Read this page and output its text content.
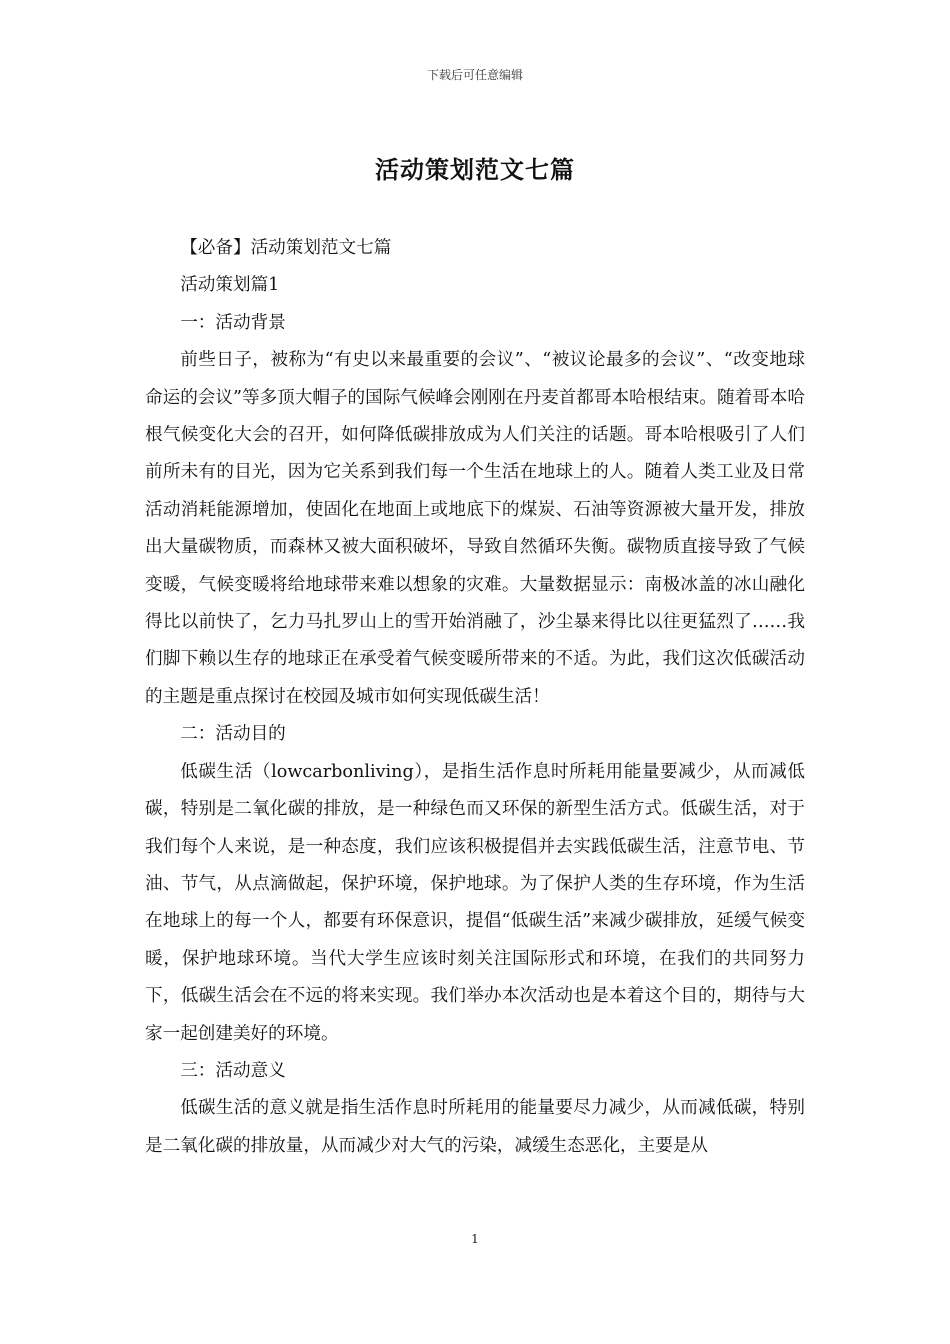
下载后可任意编辑
活动策划范文七篇

【必备】活动策划范文七篇

活动策划篇1

一：活动背景

前些日子，被称为“有史以来最重要的会议”、“被议论最多的会议”、“改变地球命运的会议”等多顶大帽子的国际气候峰会刚刚在丹麦首都哥本哈根结束。随着哥本哈根气候变化大会的召开，如何降低碳排放成为人们关注的话题。哥本哈根吸引了人们前所未有的目光，因为它关系到我们每一个生活在地球上的人。随着人类工业及日常活动消耗能源增加，使固化在地面上或地底下的煤炭、石油等资源被大量开发，排放出大量碳物质，而森林又被大面积破坏，导致自然循环失衡。碳物质直接导致了气候变暖，气候变暖将给地球带来难以想象的灾难。大量数据显示：南极冰盖的冰山融化得比以前快了，乞力马扎罗山上的雪开始消融了，沙尘暴来得比以往更猛烈了……我们脚下赖以生存的地球正在承受着气候变暖所带来的不适。为此，我们这次低碳活动的主题是重点探讨在校园及城市如何实现低碳生活！

二：活动目的

低碳生活（lowcarbonliving），是指生活作息时所耗用能量要减少，从而减低碳，特别是二氧化碳的排放，是一种绿色而又环保的新型生活方式。低碳生活，对于我们每个人来说，是一种态度，我们应该积极提倡并去实践低碳生活，注意节电、节油、节气，从点滴做起，保护环境，保护地球。为了保护人类的生存环境，作为生活在地球上的每一个人，都要有环保意识，提倡“低碳生活”来减少碳排放，延缓气候变暖，保护地球环境。当代大学生应该时刻关注国际形式和环境，在我们的共同努力下，低碳生活会在不远的将来实现。我们举办本次活动也是本着这个目的，期待与大家一起创建美好的环境。

三：活动意义

低碳生活的意义就是指生活作息时所耗用的能量要尽力减少，从而减低碳，特别是二氧化碳的排放量，从而减少对大气的污染，减缓生态恶化，主要是从

1
